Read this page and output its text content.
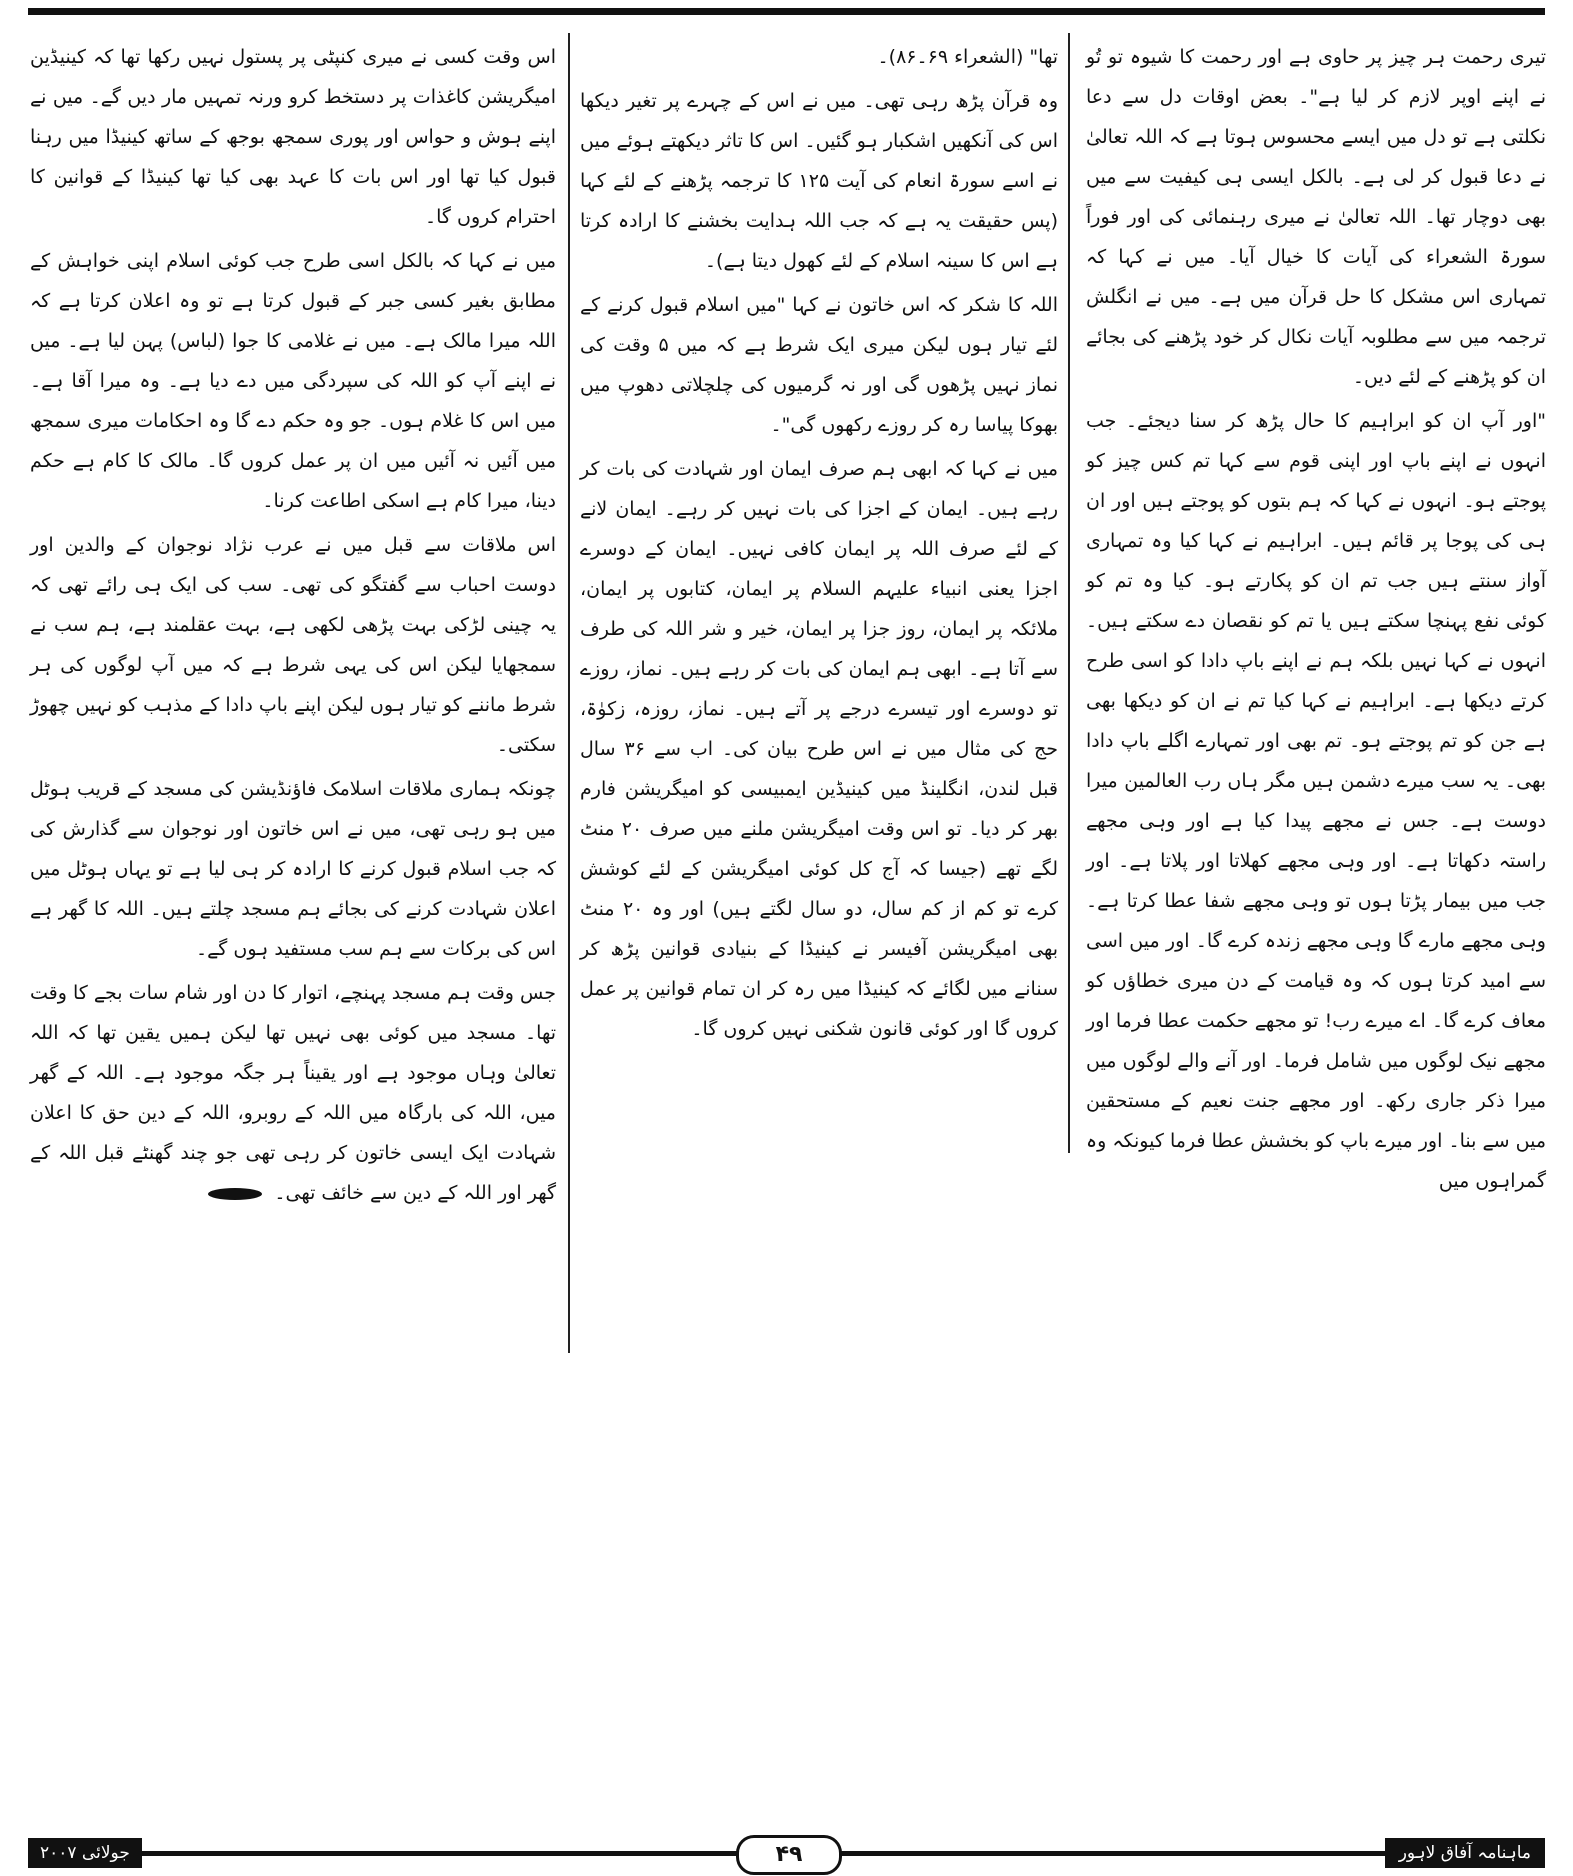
تیری رحمت ہر چیز پر حاوی ہے اور رحمت کا شیوہ تو تُو نے اپنے اوپر لازم کر لیا ہے"۔ بعض اوقات دل سے دعا نکلتی ہے تو دل میں ایسے محسوس ہوتا ہے کہ اللہ تعالیٰ نے دعا قبول کر لی ہے۔ بالکل ایسی ہی کیفیت سے میں بھی دوچار تھا۔ اللہ تعالیٰ نے میری رہنمائی کی اور فوراً سورۃ الشعراء کی آیات کا خیال آیا۔ میں نے کہا کہ تمہاری اس مشکل کا حل قرآن میں ہے۔ میں نے انگلش ترجمہ میں سے مطلوبہ آیات نکال کر خود پڑھنے کی بجائے ان کو پڑھنے کے لئے دیں۔

"اور آپ ان کو ابراہیم کا حال پڑھ کر سنا دیجئے۔ جب انہوں نے اپنے باپ اور اپنی قوم سے کہا تم کس چیز کو پوجتے ہو۔ انہوں نے کہا کہ ہم بتوں کو پوجتے ہیں اور ان ہی کی پوجا پر قائم ہیں۔ ابراہیم نے کہا کیا وہ تمہاری آواز سنتے ہیں جب تم ان کو پکارتے ہو۔ کیا وہ تم کو کوئی نفع پہنچا سکتے ہیں یا تم کو نقصان دے سکتے ہیں۔ انہوں نے کہا نہیں بلکہ ہم نے اپنے باپ دادا کو اسی طرح کرتے دیکھا ہے۔ ابراہیم نے کہا کیا تم نے ان کو دیکھا بھی ہے جن کو تم پوجتے ہو۔ تم بھی اور تمہارے اگلے باپ دادا بھی۔ یہ سب میرے دشمن ہیں مگر ہاں رب العالمین میرا دوست ہے۔ جس نے مجھے پیدا کیا ہے اور وہی مجھے راستہ دکھاتا ہے۔ اور وہی مجھے کھلاتا اور پلاتا ہے۔ اور جب میں بیمار پڑتا ہوں تو وہی مجھے شفا عطا کرتا ہے۔ وہی مجھے مارے گا وہی مجھے زندہ کرے گا۔ اور میں اسی سے امید کرتا ہوں کہ وہ قیامت کے دن میری خطاؤں کو معاف کرے گا۔ اے میرے رب! تو مجھے حکمت عطا فرما اور مجھے نیک لوگوں میں شامل فرما۔ اور آنے والے لوگوں میں میرا ذکر جاری رکھ۔ اور مجھے جنت نعیم کے مستحقین میں سے بنا۔ اور میرے باپ کو بخشش عطا فرما کیونکہ وہ گمراہوں میں

تھا" (الشعراء ۶۹۔۸۶)۔

وہ قرآن پڑھ رہی تھی۔ میں نے اس کے چہرے پر تغیر دیکھا اس کی آنکھیں اشکبار ہو گئیں۔ اس کا تاثر دیکھتے ہوئے میں نے اسے سورۃ انعام کی آیت ۱۲۵ کا ترجمہ پڑھنے کے لئے کہا (پس حقیقت یہ ہے کہ جب اللہ ہدایت بخشنے کا ارادہ کرتا ہے اس کا سینہ اسلام کے لئے کھول دیتا ہے)۔

اللہ کا شکر کہ اس خاتون نے کہا "میں اسلام قبول کرنے کے لئے تیار ہوں لیکن میری ایک شرط ہے کہ میں ۵ وقت کی نماز نہیں پڑھوں گی اور نہ گرمیوں کی چلچلاتی دھوپ میں بھوکا پیاسا رہ کر روزے رکھوں گی"۔

میں نے کہا کہ ابھی ہم صرف ایمان اور شہادت کی بات کر رہے ہیں۔ ایمان کے اجزا کی بات نہیں کر رہے۔ ایمان لانے کے لئے صرف اللہ پر ایمان کافی نہیں۔ ایمان کے دوسرے اجزا یعنی انبیاء علیہم السلام پر ایمان، کتابوں پر ایمان، ملائکہ پر ایمان، روز جزا پر ایمان، خیر و شر اللہ کی طرف سے آتا ہے۔ ابھی ہم ایمان کی بات کر رہے ہیں۔ نماز، روزے تو دوسرے اور تیسرے درجے پر آتے ہیں۔ نماز، روزہ، زکوٰۃ، حج کی مثال میں نے اس طرح بیان کی۔ اب سے ۳۶ سال قبل لندن، انگلینڈ میں کینیڈین ایمبیسی کو امیگریشن فارم بھر کر دیا۔ تو اس وقت امیگریشن ملنے میں صرف ۲۰ منٹ لگے تھے (جیسا کہ آج کل کوئی امیگریشن کے لئے کوشش کرے تو کم از کم سال، دو سال لگتے ہیں) اور وہ ۲۰ منٹ بھی امیگریشن آفیسر نے کینیڈا کے بنیادی قوانین پڑھ کر سنانے میں لگائے کہ کینیڈا میں رہ کر ان تمام قوانین پر عمل کروں گا اور کوئی قانون شکنی نہیں کروں گا۔

اس وقت کسی نے میری کنپٹی پر پستول نہیں رکھا تھا کہ کینیڈین امیگریشن کاغذات پر دستخط کرو ورنہ تمہیں مار دیں گے۔ میں نے اپنے ہوش و حواس اور پوری سمجھ بوجھ کے ساتھ کینیڈا میں رہنا قبول کیا تھا اور اس بات کا عہد بھی کیا تھا کینیڈا کے قوانین کا احترام کروں گا۔

میں نے کہا کہ بالکل اسی طرح جب کوئی اسلام اپنی خواہش کے مطابق بغیر کسی جبر کے قبول کرتا ہے تو وہ اعلان کرتا ہے کہ اللہ میرا مالک ہے۔ میں نے غلامی کا جوا (لباس) پہن لیا ہے۔ میں نے اپنے آپ کو اللہ کی سپردگی میں دے دیا ہے۔ وہ میرا آقا ہے۔ میں اس کا غلام ہوں۔ جو وہ حکم دے گا وہ احکامات میری سمجھ میں آئیں نہ آئیں میں ان پر عمل کروں گا۔ مالک کا کام ہے حکم دینا، میرا کام ہے اسکی اطاعت کرنا۔

اس ملاقات سے قبل میں نے عرب نژاد نوجوان کے والدین اور دوست احباب سے گفتگو کی تھی۔ سب کی ایک ہی رائے تھی کہ یہ چینی لڑکی بہت پڑھی لکھی ہے، بہت عقلمند ہے، ہم سب نے سمجھایا لیکن اس کی یہی شرط ہے کہ میں آپ لوگوں کی ہر شرط ماننے کو تیار ہوں لیکن اپنے باپ دادا کے مذہب کو نہیں چھوڑ سکتی۔

چونکہ ہماری ملاقات اسلامک فاؤنڈیشن کی مسجد کے قریب ہوٹل میں ہو رہی تھی، میں نے اس خاتون اور نوجوان سے گذارش کی کہ جب اسلام قبول کرنے کا ارادہ کر ہی لیا ہے تو یہاں ہوٹل میں اعلان شہادت کرنے کی بجائے ہم مسجد چلتے ہیں۔ اللہ کا گھر ہے اس کی برکات سے ہم سب مستفید ہوں گے۔

جس وقت ہم مسجد پہنچے، اتوار کا دن اور شام سات بجے کا وقت تھا۔ مسجد میں کوئی بھی نہیں تھا لیکن ہمیں یقین تھا کہ اللہ تعالیٰ وہاں موجود ہے اور یقیناً ہر جگہ موجود ہے۔ اللہ کے گھر میں، اللہ کی بارگاہ میں اللہ کے روبرو، اللہ کے دین حق کا اعلان شہادت ایک ایسی خاتون کر رہی تھی جو چند گھنٹے قبل اللہ کے گھر اور اللہ کے دین سے خائف تھی۔

جولائی ۲۰۰۷	۴۹	ماہنامہ آفاق لاہور
